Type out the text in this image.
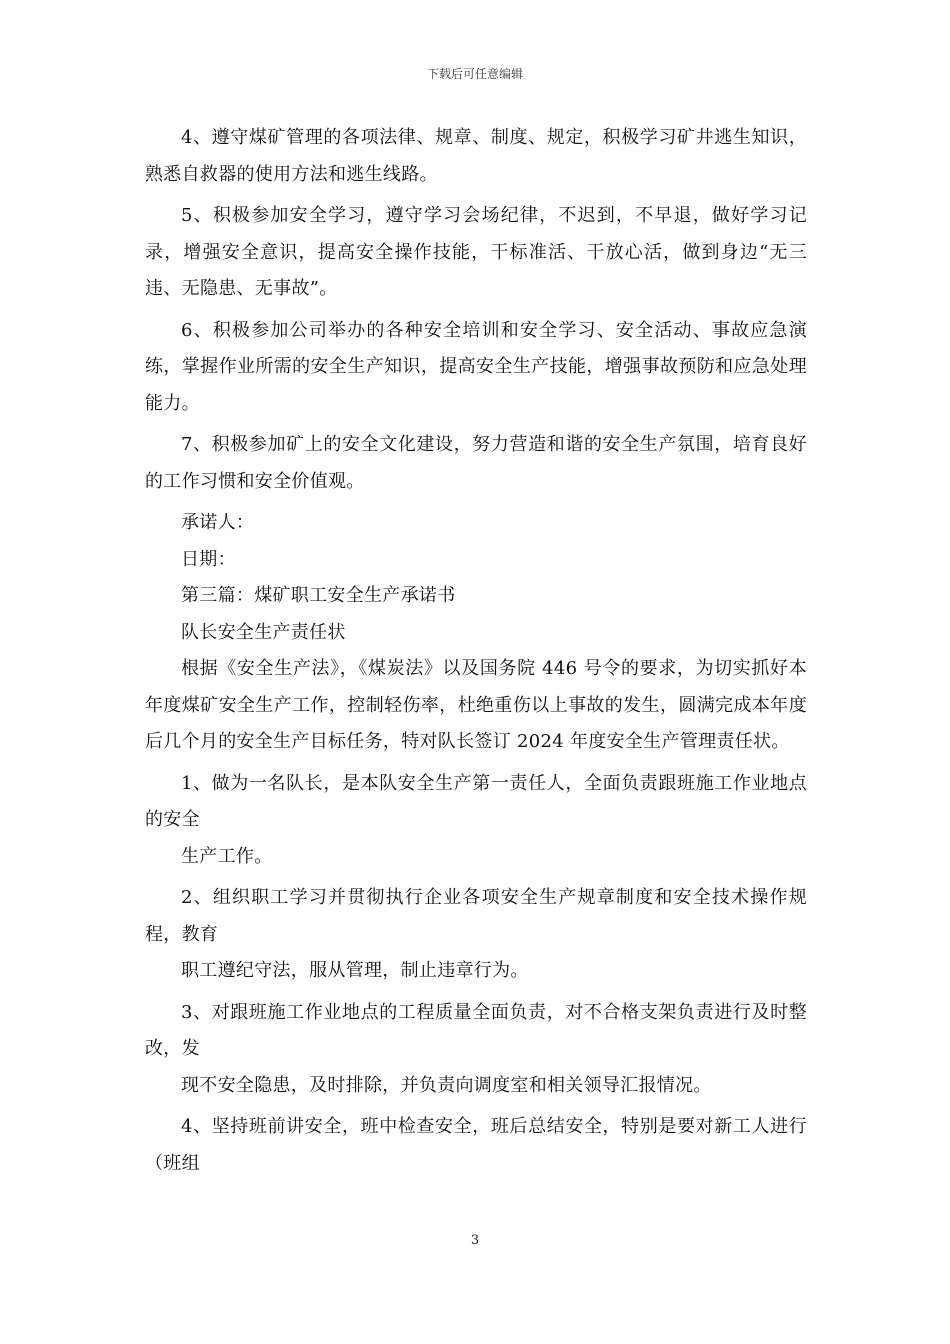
下载后可任意编辑

4、遵守煤矿管理的各项法律、规章、制度、规定，积极学习矿井逃生知识，熟悉自救器的使用方法和逃生线路。

5、积极参加安全学习，遵守学习会场纪律，不迟到，不早退，做好学习记录，增强安全意识，提高安全操作技能，干标准活、干放心活，做到身边“无三违、无隐患、无事故”。

6、积极参加公司举办的各种安全培训和安全学习、安全活动、事故应急演练，掌握作业所需的安全生产知识，提高安全生产技能，增强事故预防和应急处理能力。

7、积极参加矿上的安全文化建设，努力营造和谐的安全生产氛围，培育良好的工作习惯和安全价值观。

承诺人：

日期：

第三篇：煤矿职工安全生产承诺书

队长安全生产责任状

根据《安全生产法》，《煤炭法》以及国务院 446 号令的要求，为切实抓好本年度煤矿安全生产工作，控制轻伤率，杜绝重伤以上事故的发生，圆满完成本年度后几个月的安全生产目标任务，特对队长签订 2024 年度安全生产管理责任状。

1、做为一名队长，是本队安全生产第一责任人，全面负责跟班施工作业地点的安全

生产工作。

2、组织职工学习并贯彻执行企业各项安全生产规章制度和安全技术操作规程，教育

职工遵纪守法，服从管理，制止违章行为。

3、对跟班施工作业地点的工程质量全面负责，对不合格支架负责进行及时整改，发

现不安全隐患，及时排除，并负责向调度室和相关领导汇报情况。

4、坚持班前讲安全，班中检查安全，班后总结安全，特别是要对新工人进行（班组

3
